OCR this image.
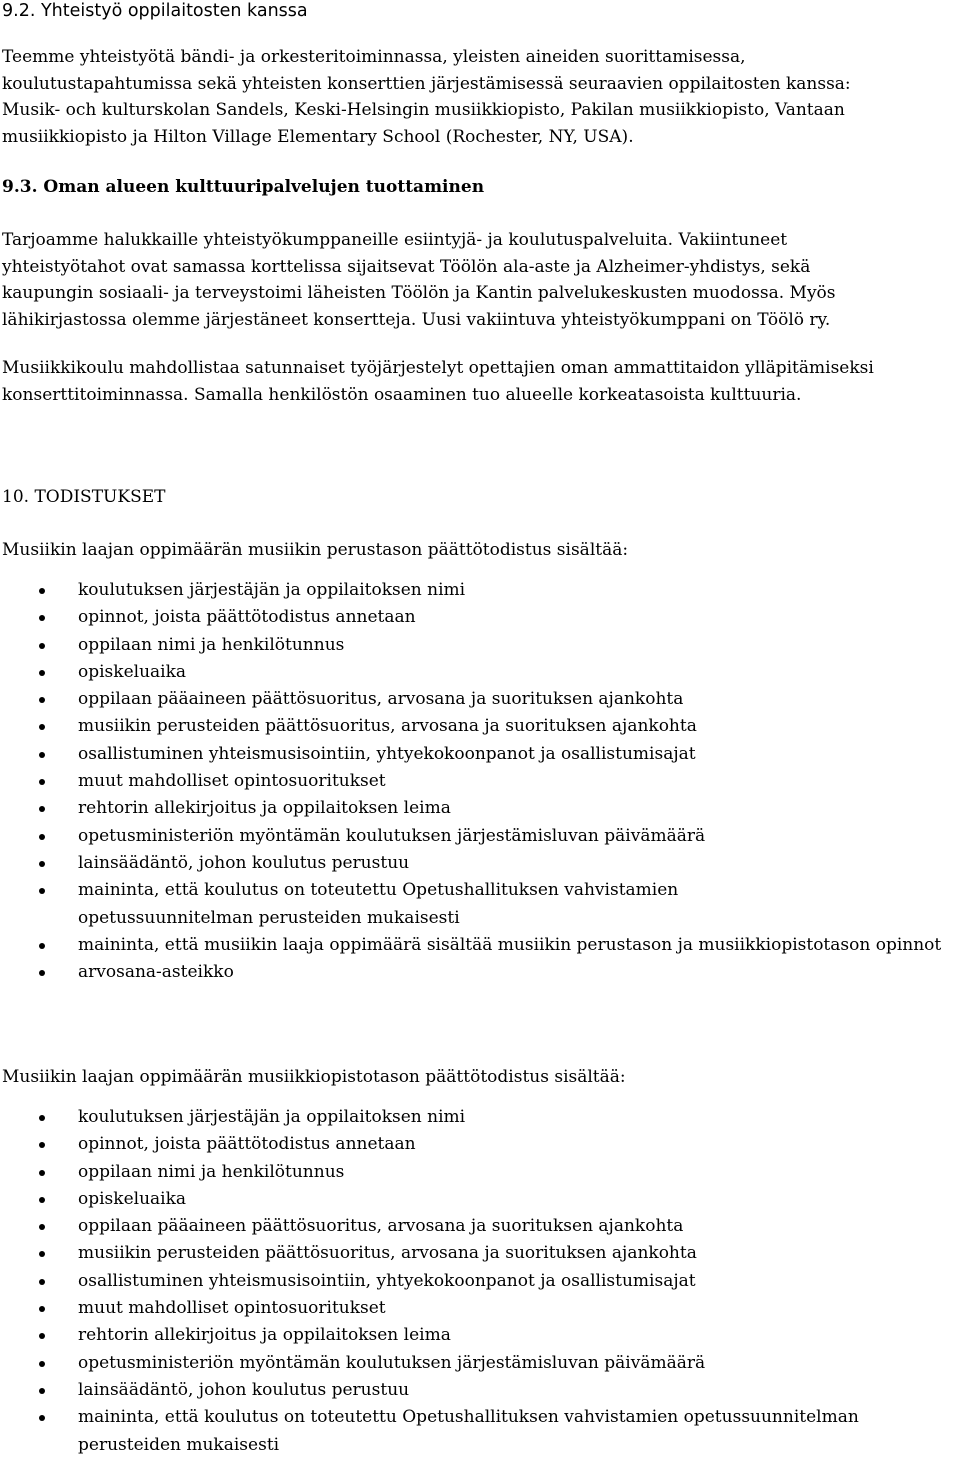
9.2. Yhteistyö oppilaitosten kanssa
Teemme yhteistyötä bändi- ja orkesteritoiminnassa, yleisten aineiden suorittamisessa,
koulutustapahtumissa sekä yhteisten konserttien järjestämisessä seuraavien oppilaitosten kanssa:
Musik- och kulturskolan Sandels, Keski-Helsingin musiikkiopisto, Pakilan musiikkiopisto, Vantaan
musiikkiopisto ja Hilton Village Elementary School (Rochester, NY, USA).
9.3. Oman alueen kulttuuripalvelujen tuottaminen
Tarjoamme halukkaille yhteistyökumppaneille esiintyjä- ja koulutuspalveluita. Vakiintuneet
yhteistyötahot ovat samassa korttelissa sijaitsevat Töölön ala-aste ja Alzheimer-yhdistys, sekä
kaupungin sosiaali- ja terveystoimi läheisten Töölön ja Kantin palvelukeskusten muodossa. Myös
lähikirjastossa olemme järjestäneet konsertteja. Uusi vakiintuva yhteistyökumppani on Töölö ry.
Musiikkikoulu mahdollistaa satunnaiset työjärjestelyt opettajien oman ammattitaidon ylläpitämiseksi
konserttitoiminnassa. Samalla henkilöstön osaaminen tuo alueelle korkeatasoista kulttuuria.
10. TODISTUKSET
Musiikin laajan oppimäärän musiikin perustason päättötodistus sisältää:
koulutuksen järjestäjän ja oppilaitoksen nimi
opinnot, joista päättötodistus annetaan
oppilaan nimi ja henkilötunnus
opiskeluaika
oppilaan pääaineen päättösuoritus, arvosana ja suorituksen ajankohta
musiikin perusteiden päättösuoritus, arvosana ja suorituksen ajankohta
osallistuminen yhteismusisointiin, yhtyekokoonpanot ja osallistumisajat
muut mahdolliset opintosuoritukset
rehtorin allekirjoitus ja oppilaitoksen leima
opetusministeriön myöntämän koulutuksen järjestämisluvan päivämäärä
lainsäädäntö, johon koulutus perustuu
maininta, että koulutus on toteutettu Opetushallituksen vahvistamien opetussuunnitelman perusteiden mukaisesti
maininta, että musiikin laaja oppimäärä sisältää musiikin perustason ja musiikkiopistotason opinnot
arvosana-asteikko
Musiikin laajan oppimäärän musiikkiopistotason päättötodistus sisältää:
koulutuksen järjestäjän ja oppilaitoksen nimi
opinnot, joista päättötodistus annetaan
oppilaan nimi ja henkilötunnus
opiskeluaika
oppilaan pääaineen päättösuoritus, arvosana ja suorituksen ajankohta
musiikin perusteiden päättösuoritus, arvosana ja suorituksen ajankohta
osallistuminen yhteismusisointiin, yhtyekokoonpanot ja osallistumisajat
muut mahdolliset opintosuoritukset
rehtorin allekirjoitus ja oppilaitoksen leima
opetusministeriön myöntämän koulutuksen järjestämisluvan päivämäärä
lainsäädäntö, johon koulutus perustuu
maininta, että koulutus on toteutettu Opetushallituksen vahvistamien opetussuunnitelman perusteiden mukaisesti
